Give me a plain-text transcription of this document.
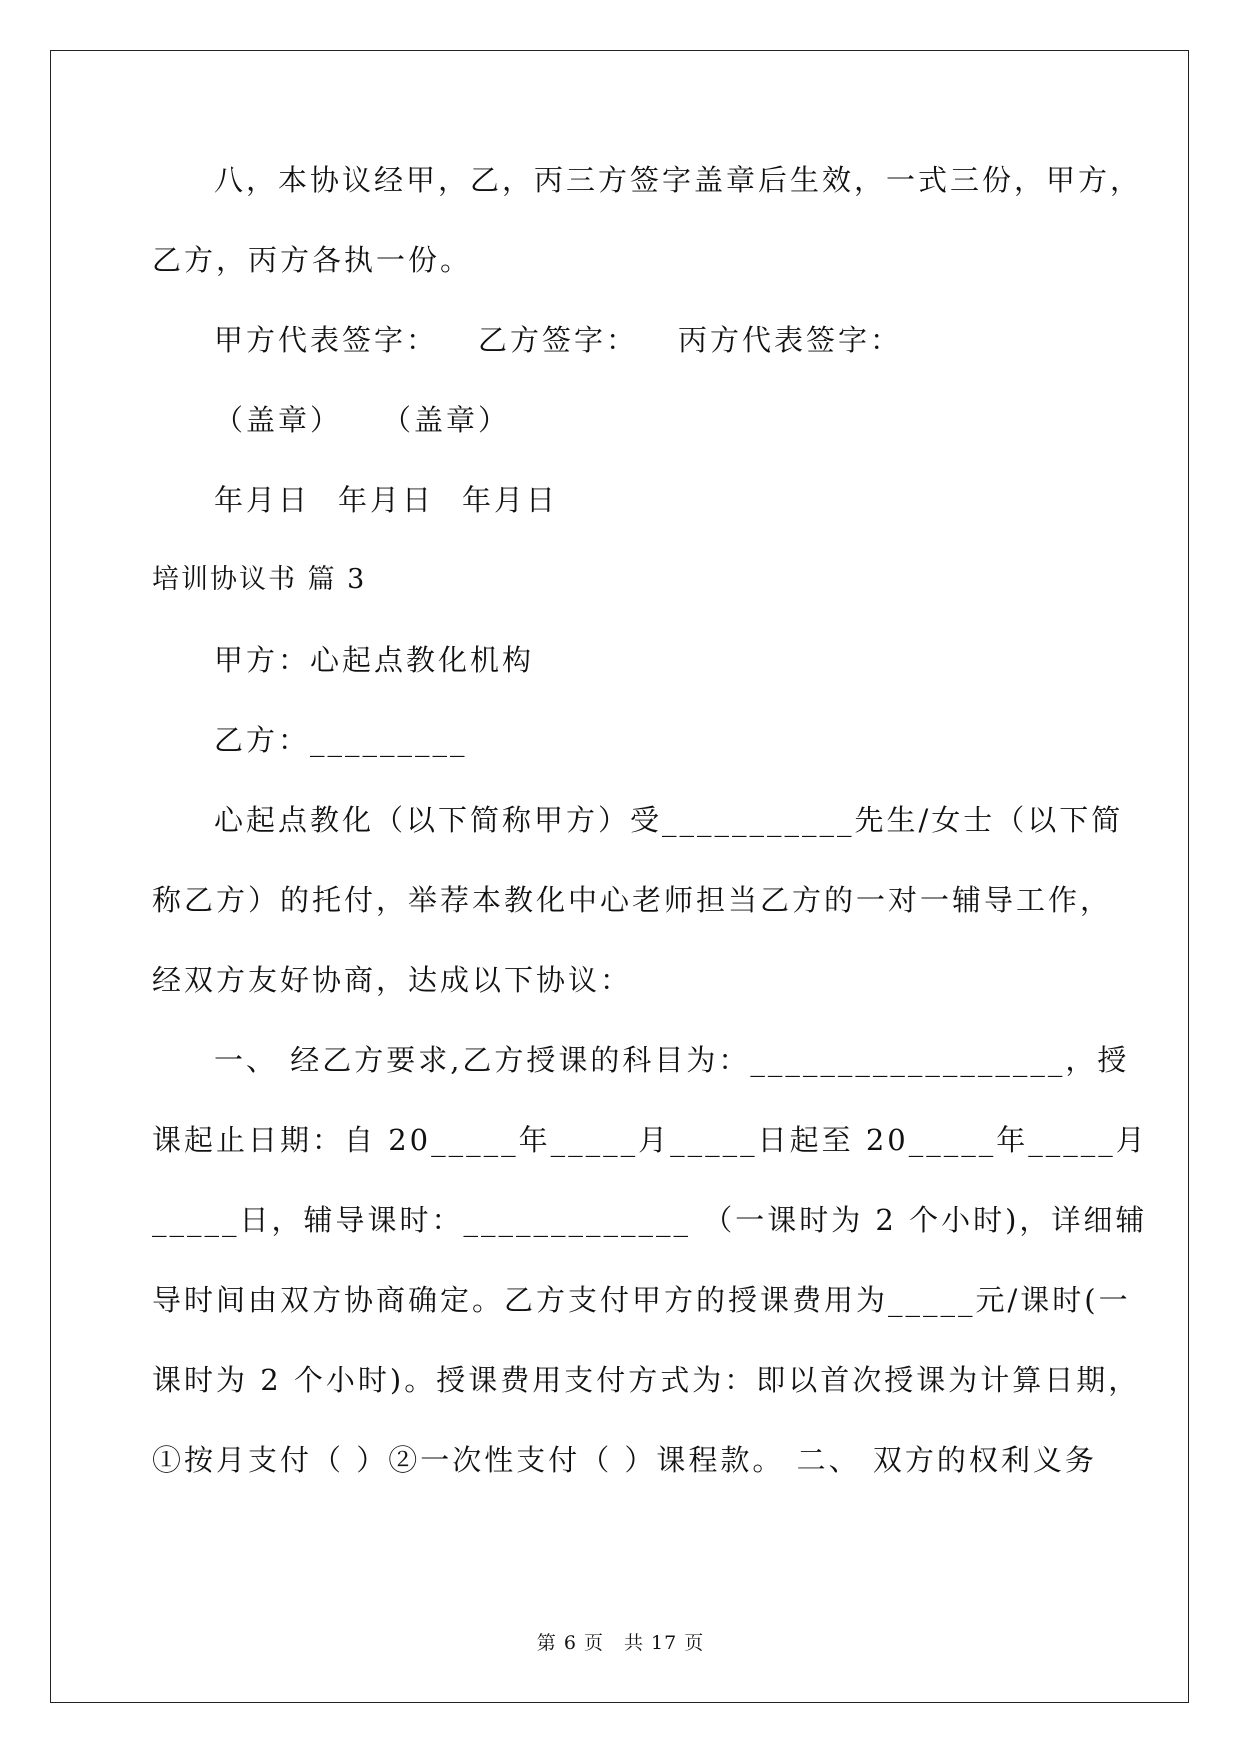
八，本协议经甲，乙，丙三方签字盖章后生效，一式三份，甲方，
乙方，丙方各执一份。
甲方代表签字： 乙方签字： 丙方代表签字：
（盖章） （盖章）
年月日 年月日 年月日
培训协议书 篇 3
甲方：心起点教化机构
乙方：_________
心起点教化（以下简称甲方）受___________先生/女士（以下简
称乙方）的托付，举荐本教化中心老师担当乙方的一对一辅导工作，
经双方友好协商，达成以下协议：
一、 经乙方要求,乙方授课的科目为：__________________，授
课起止日期：自 20_____年_____月_____日起至 20_____年_____月
_____日，辅导课时：_____________ （一课时为 2 个小时)，详细辅
导时间由双方协商确定。乙方支付甲方的授课费用为_____元/课时(一
课时为 2 个小时)。授课费用支付方式为：即以首次授课为计算日期，
①按月支付（ ）②一次性支付（ ）课程款。 二、 双方的权利义务
第 6 页 共 17 页
